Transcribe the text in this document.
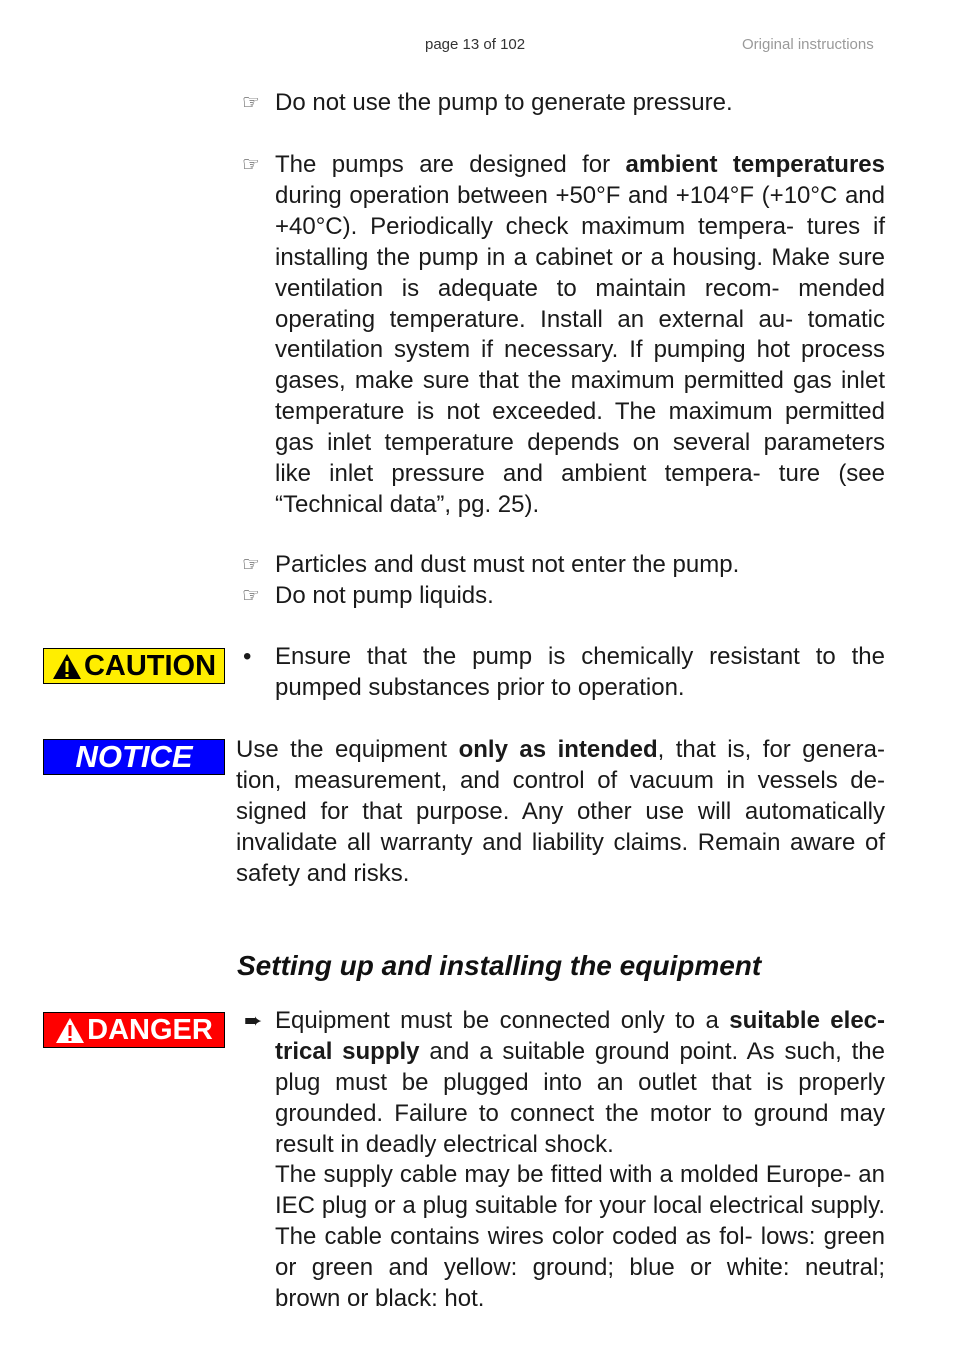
page 13 of 102	Original instructions
☞ Do not use the pump to generate pressure.
☞ The pumps are designed for ambient temperatures during operation between +50°F and +104°F (+10°C and +40°C). Periodically check maximum tempera- tures if installing the pump in a cabinet or a housing. Make sure ventilation is adequate to maintain recom- mended operating temperature. Install an external au- tomatic ventilation system if necessary. If pumping hot process gases, make sure that the maximum permitted gas inlet temperature is not exceeded. The maximum permitted gas inlet temperature depends on several parameters like inlet pressure and ambient tempera- ture (see “Technical data”, pg. 25).
☞ Particles and dust must not enter the pump.
☞ Do not pump liquids.
CAUTION • Ensure that the pump is chemically resistant to the pumped substances prior to operation.
NOTICE	Use the equipment only as intended, that is, for genera- tion, measurement, and control of vacuum in vessels de- signed for that purpose. Any other use will automatically invalidate all warranty and liability claims. Remain aware of safety and risks.
Setting up and installing the equipment
DANGER ➨ Equipment must be connected only to a suitable elec- trical supply and a suitable ground point. As such, the plug must be plugged into an outlet that is properly grounded. Failure to connect the motor to ground may result in deadly electrical shock.
The supply cable may be fitted with a molded Europe- an IEC plug or a plug suitable for your local electrical supply. The cable contains wires color coded as fol- lows: green or green and yellow: ground; blue or white: neutral; brown or black: hot.
